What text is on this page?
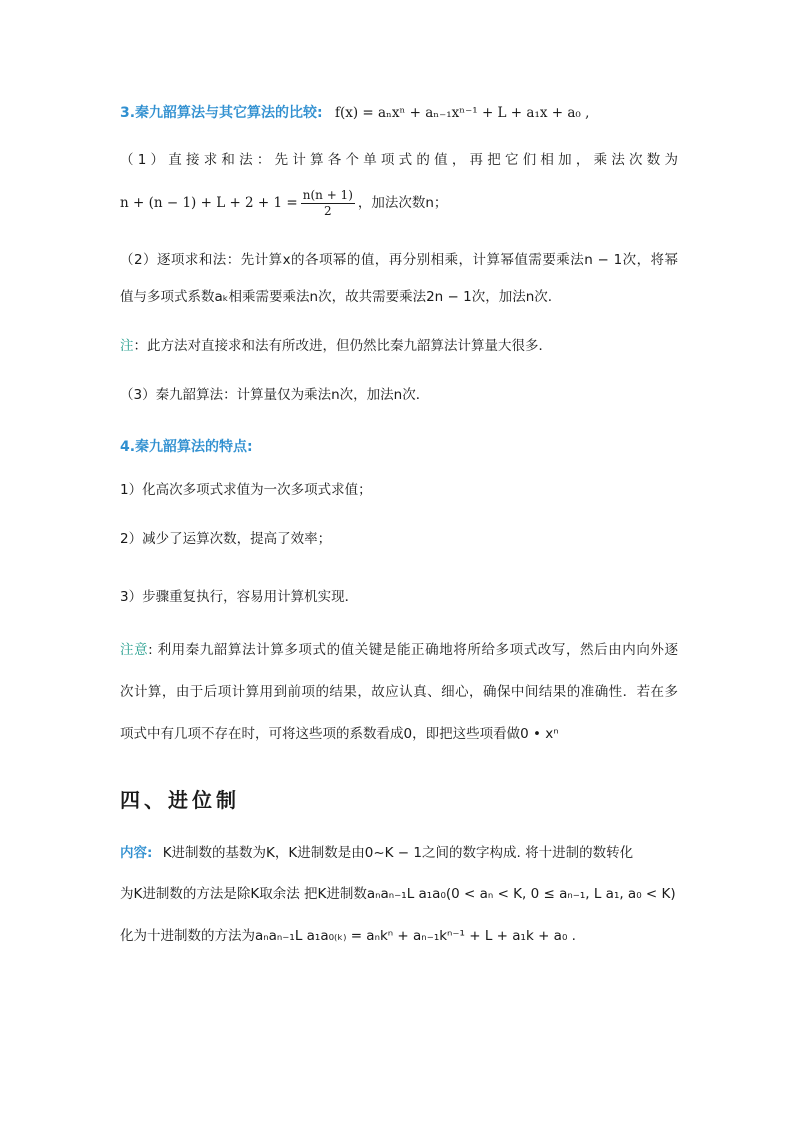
3.秦九韶算法与其它算法的比较: f(x) = aₙxⁿ + aₙ₋₁xⁿ⁻¹ + L + a₁x + a₀ ,
（1）直接求和法：先计算各个单项式的值，再把它们相加，乘法次数为
$n + (n - 1) + L + 2 + 1 = \frac{n(n + 1)}{2}$ ，加法次数n；
（2）逐项求和法：先计算x的各项幂的值，再分别相乘，计算幂值需要乘法n − 1次，将幂
值与多项式系数aₖ相乘需要乘法n次，故共需要乘法2n − 1次，加法n次.
注：此方法对直接求和法有所改进，但仍然比秦九韶算法计算量大很多．
（3）秦九韶算法：计算量仅为乘法n次，加法n次．
4.秦九韶算法的特点:
1）化高次多项式求值为一次多项式求值；
2）减少了运算次数，提高了效率；
3）步骤重复执行，容易用计算机实现．
注意: 利用秦九韶算法计算多项式的值关键是能正确地将所给多项式改写，然后由内向外逐
次计算，由于后项计算用到前项的结果，故应认真、细心，确保中间结果的准确性．若在多
项式中有几项不存在时，可将这些项的系数看成0，即把这些项看做0 • xⁿ
四、进位制
内容: K进制数的基数为K，K进制数是由0~K − 1之间的数字构成. 将十进制的数转化
为K进制数的方法是除K取余法 把K进制数aₙaₙ₋₁L a₁a₀(0 < aₙ < K, 0 ≤ aₙ₋₁, L a₁, a₀ < K)
化为十进制数的方法为aₙaₙ₋₁L a₁a₀₍ₖ₎ = aₙkⁿ + aₙ₋₁kⁿ⁻¹ + L + a₁k + a₀ .
